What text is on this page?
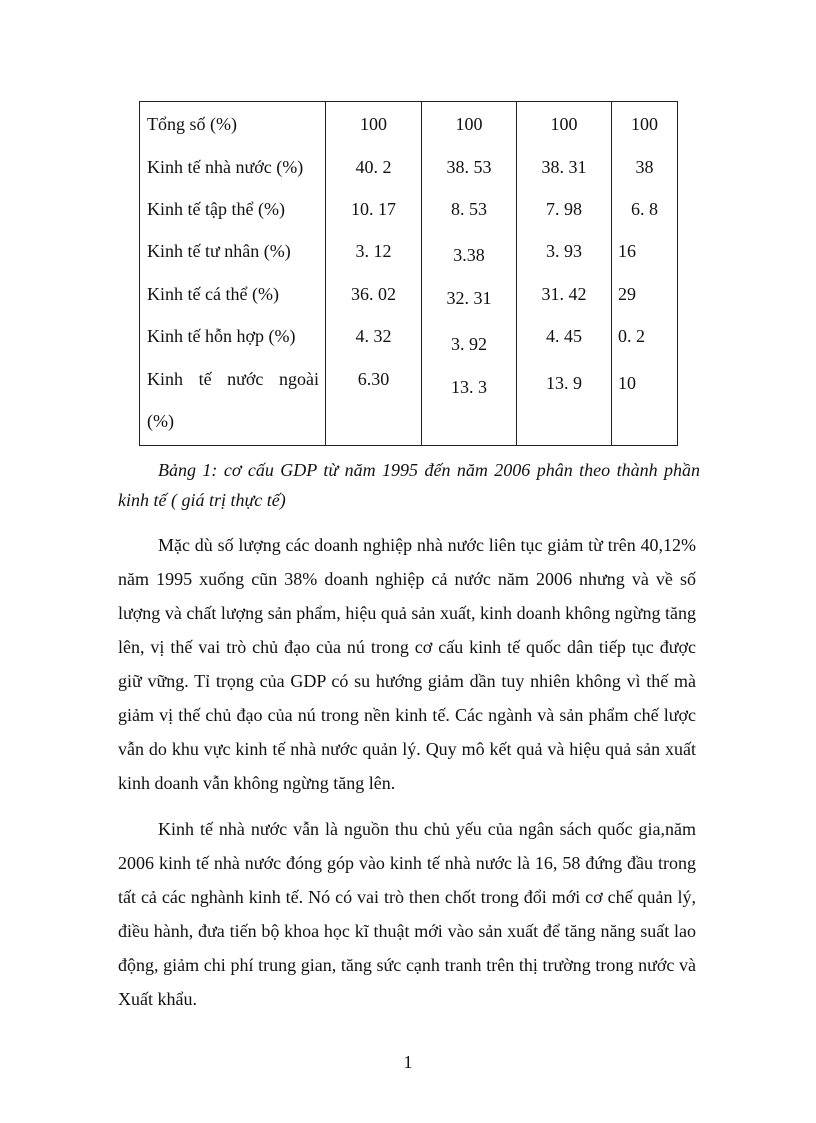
Tổng số (%)	100	100	100	100

Kinh tế nhà nước (%)	40. 2	38. 53	38. 31	38

Kinh tế tập thể (%)	10. 17	8. 53	7. 98	6. 8

Kinh tế tư nhân (%)	3. 12	3.38	3. 93	16

Kinh tế cá thể (%)	36. 02	32. 31	31. 42	29

Kinh tế hỗn hợp (%)	4. 32	3. 92	4. 45	0. 2

Kinh tế nước ngoài
(%)	6.30	13. 3	13. 9	10
Bảng 1: cơ cấu GDP từ năm 1995 đến năm 2006 phân theo thành phần kinh tế ( giá trị thực tế)

Mặc dù số lượng các doanh nghiệp nhà nước liên tục giảm từ trên 40,12% năm 1995 xuống cũn 38% doanh nghiệp cả nước năm 2006 nhưng và về số lượng và chất lượng sản phẩm, hiệu quả sản xuất, kinh doanh không ngừng tăng lên, vị thế vai trò chủ đạo của nú trong cơ cấu kinh tế quốc dân tiếp tục được giữ vững. Tỉ trọng của GDP có su hướng giảm dần tuy nhiên không vì thế mà giảm vị thế chủ đạo của nú trong nền kinh tế. Các ngành và sản phẩm chế lược vẫn do khu vực kinh tế nhà nước quản lý. Quy mô kết quả và hiệu quả sản xuất kinh doanh vẫn không ngừng tăng lên.

Kinh tế nhà nước vẫn là nguồn thu chủ yếu của ngân sách quốc gia,năm 2006 kinh tế nhà nước đóng góp vào kinh tế nhà nước là 16, 58 đứng đầu trong tất cả các nghành kinh tế. Nó có vai trò then chốt trong đổi mới cơ chế quản lý, điều hành, đưa tiến bộ khoa học kĩ thuật mới vào sản xuất để tăng năng suất lao động, giảm chi phí trung gian, tăng sức cạnh tranh trên thị trường trong nước và Xuất khẩu.

1
